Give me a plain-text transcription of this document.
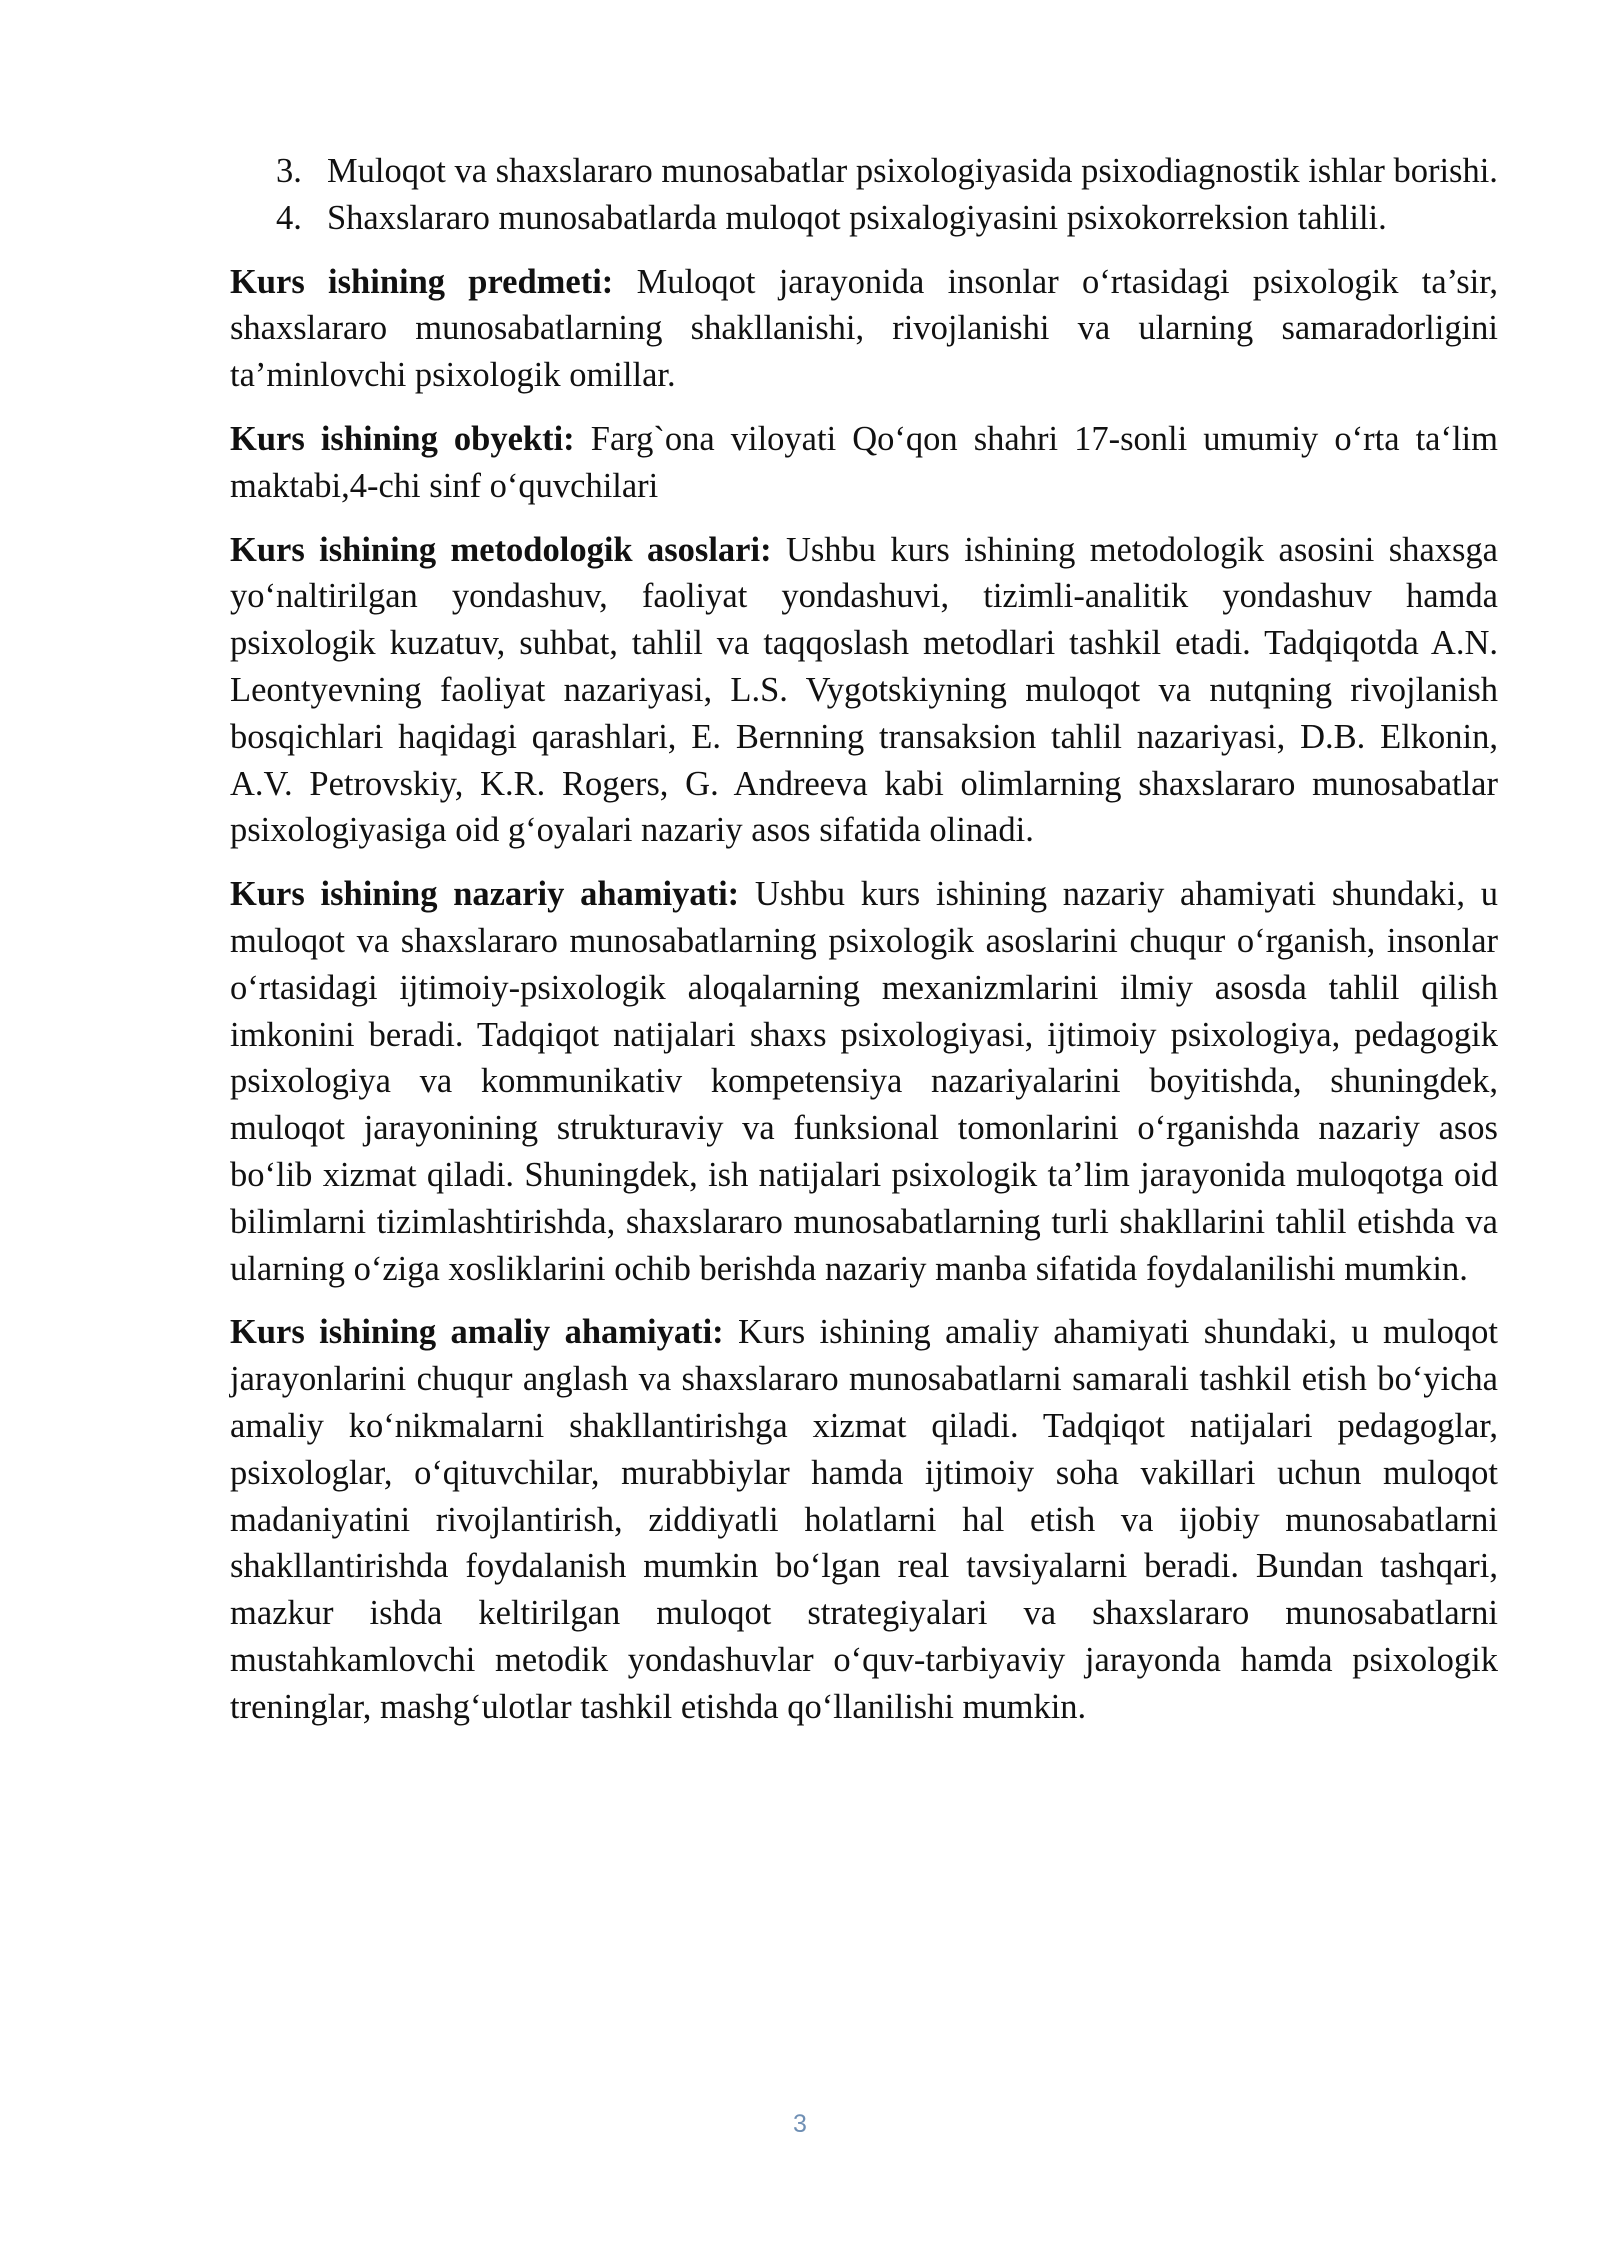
3. Muloqot va shaxslararo munosabatlar psixologiyasida psixodiagnostik ishlar borishi.
4. Shaxslararo munosabatlarda muloqot psixalogiyasini psixokorreksion tahlili.

Kurs ishining predmeti: Muloqot jarayonida insonlar o‘rtasidagi psixologik ta’sir, shaxslararo munosabatlarning shakllanishi, rivojlanishi va ularning samaradorligini ta’minlovchi psixologik omillar.

Kurs ishining obyekti: Farg`ona viloyati Qo‘qon shahri 17-sonli umumiy o‘rta ta‘lim maktabi,4-chi sinf o‘quvchilari

Kurs ishining metodologik asoslari: Ushbu kurs ishining metodologik asosini shaxsga yo‘naltirilgan yondashuv, faoliyat yondashuvi, tizimli-analitik yondashuv hamda psixologik kuzatuv, suhbat, tahlil va taqqoslash metodlari tashkil etadi. Tadqiqotda A.N. Leontyevning faoliyat nazariyasi, L.S. Vygotskiyning muloqot va nutqning rivojlanish bosqichlari haqidagi qarashlari, E. Bernning transaksion tahlil nazariyasi, D.B. Elkonin, A.V. Petrovskiy, K.R. Rogers, G. Andreeva kabi olimlarning shaxslararo munosabatlar psixologiyasiga oid g‘oyalari nazariy asos sifatida olinadi.

Kurs ishining nazariy ahamiyati: Ushbu kurs ishining nazariy ahamiyati shundaki, u muloqot va shaxslararo munosabatlarning psixologik asoslarini chuqur o‘rganish, insonlar o‘rtasidagi ijtimoiy-psixologik aloqalarning mexanizmlarini ilmiy asosda tahlil qilish imkonini beradi. Tadqiqot natijalari shaxs psixologiyasi, ijtimoiy psixologiya, pedagogik psixologiya va kommunikativ kompetensiya nazariyalarini boyitishda, shuningdek, muloqot jarayonining strukturaviy va funksional tomonlarini o‘rganishda nazariy asos bo‘lib xizmat qiladi. Shuningdek, ish natijalari psixologik ta’lim jarayonida muloqotga oid bilimlarni tizimlashtirishda, shaxslararo munosabatlarning turli shakllarini tahlil etishda va ularning o‘ziga xosliklarini ochib berishda nazariy manba sifatida foydalanilishi mumkin.

Kurs ishining amaliy ahamiyati: Kurs ishining amaliy ahamiyati shundaki, u muloqot jarayonlarini chuqur anglash va shaxslararo munosabatlarni samarali tashkil etish bo‘yicha amaliy ko‘nikmalarni shakllantirishga xizmat qiladi. Tadqiqot natijalari pedagoglar, psixologlar, o‘qituvchilar, murabbiylar hamda ijtimoiy soha vakillari uchun muloqot madaniyatini rivojlantirish, ziddiyatli holatlarni hal etish va ijobiy munosabatlarni shakllantirishda foydalanish mumkin bo‘lgan real tavsiyalarni beradi. Bundan tashqari, mazkur ishda keltirilgan muloqot strategiyalari va shaxslararo munosabatlarni mustahkamlovchi metodik yondashuvlar o‘quv-tarbiyaviy jarayonda hamda psixologik treninglar, mashg‘ulotlar tashkil etishda qo‘llanilishi mumkin.

3
